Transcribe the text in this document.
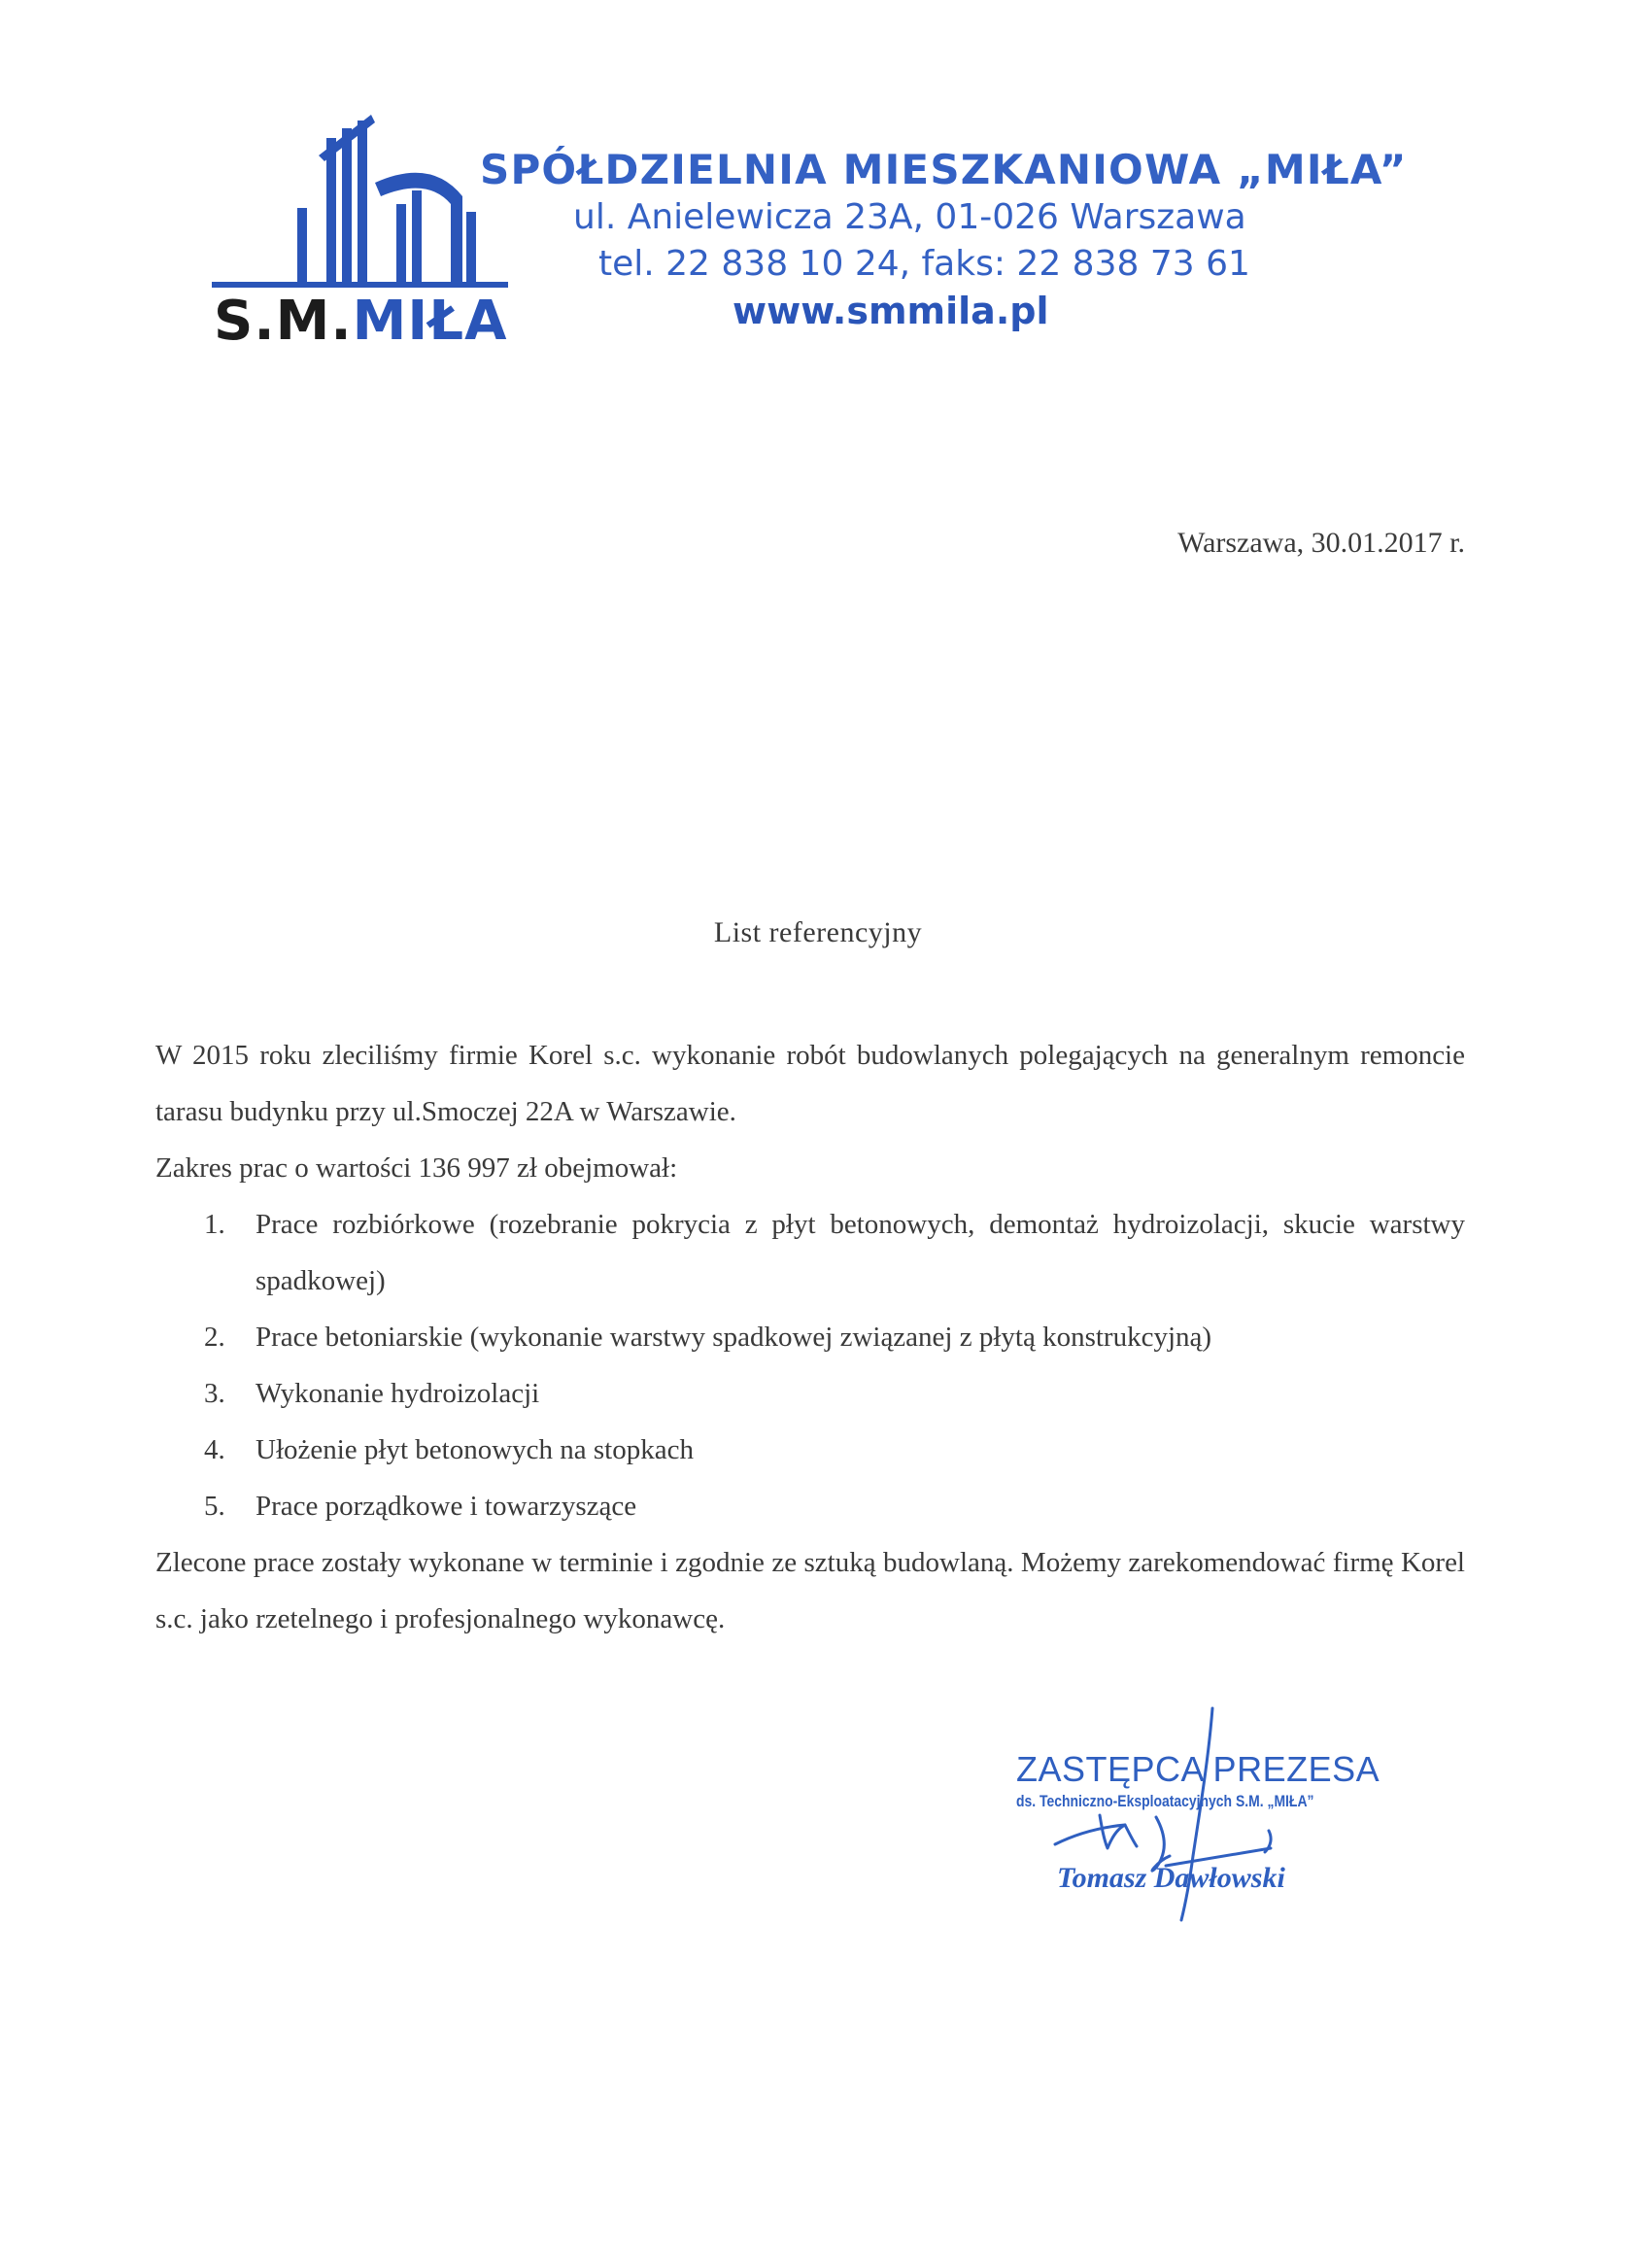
S.M.MIŁA
SPÓŁDZIELNIA MIESZKANIOWA „MIŁA”
ul. Anielewicza 23A, 01-026 Warszawa
tel. 22 838 10 24, faks: 22 838 73 61
www.smmila.pl
Warszawa, 30.01.2017 r.
List referencyjny

W 2015 roku zleciliśmy firmie Korel s.c. wykonanie robót budowlanych polegających na generalnym remoncie tarasu budynku przy ul.Smoczej 22A w Warszawie.

Zakres prac o wartości 136 997 zł obejmował:

1. Prace rozbiórkowe (rozebranie pokrycia z płyt betonowych, demontaż hydroizolacji, skucie warstwy spadkowej)
2. Prace betoniarskie (wykonanie warstwy spadkowej związanej z płytą konstrukcyjną)
3. Wykonanie hydroizolacji
4. Ułożenie płyt betonowych na stopkach
5. Prace porządkowe i towarzyszące

Zlecone prace zostały wykonane w terminie i zgodnie ze sztuką budowlaną. Możemy zarekomendować firmę Korel s.c. jako rzetelnego i profesjonalnego wykonawcę.

ZASTĘPCA PREZESA
ds. Techniczno-Eksploatacyjnych S.M. „MIŁA”
Tomasz Dawłowski
